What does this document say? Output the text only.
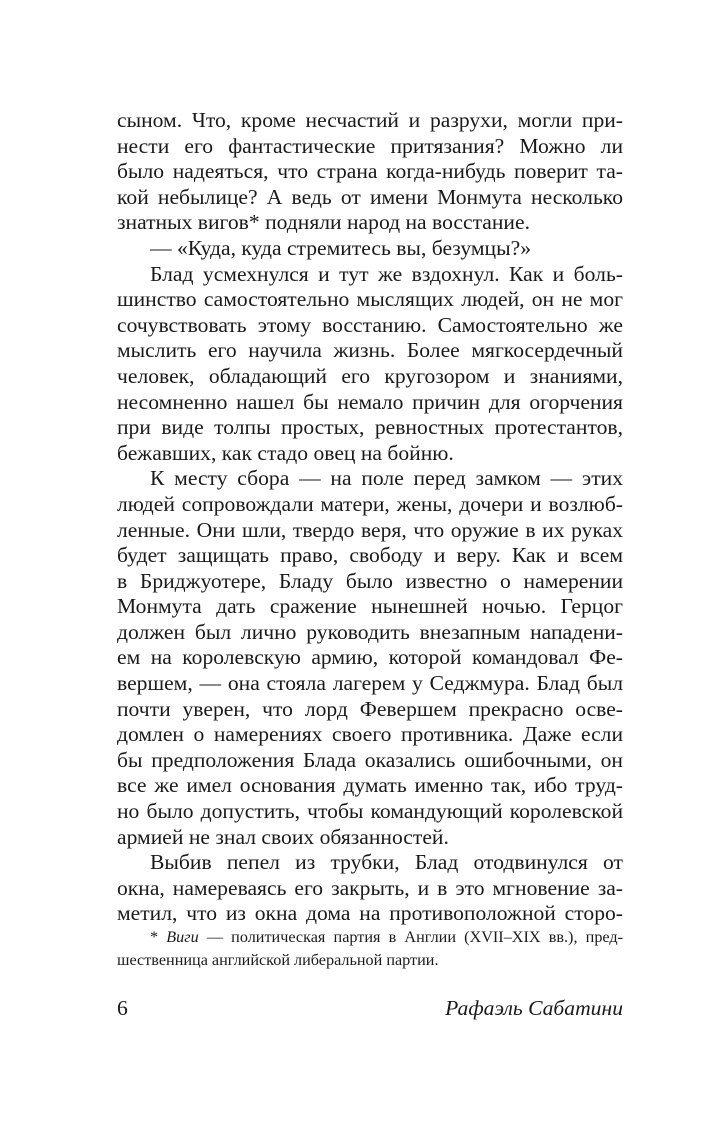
сыном. Что, кроме несчастий и разрухи, могли при-
нести его фантастические притязания? Можно ли
было надеяться, что страна когда-нибудь поверит та-
кой небылице? А ведь от имени Монмута несколько
знатных вигов* подняли народ на восстание.
— «Куда, куда стремитесь вы, безумцы?»
Блад усмехнулся и тут же вздохнул. Как и боль-
шинство самостоятельно мыслящих людей, он не мог
сочувствовать этому восстанию. Самостоятельно же
мыслить его научила жизнь. Более мягкосердечный
человек, обладающий его кругозором и знаниями,
несомненно нашел бы немало причин для огорчения
при виде толпы простых, ревностных протестантов,
бежавших, как стадо овец на бойню.
К месту сбора — на поле перед замком — этих
людей сопровождали матери, жены, дочери и возлюб-
ленные. Они шли, твердо веря, что оружие в их руках
будет защищать право, свободу и веру. Как и всем
в Бриджуотере, Бладу было известно о намерении
Монмута дать сражение нынешней ночью. Герцог
должен был лично руководить внезапным нападени-
ем на королевскую армию, которой командовал Фе-
вершем, — она стояла лагерем у Седжмура. Блад был
почти уверен, что лорд Февершем прекрасно осве-
домлен о намерениях своего противника. Даже если
бы предположения Блада оказались ошибочными, он
все же имел основания думать именно так, ибо труд-
но было допустить, чтобы командующий королевской
армией не знал своих обязанностей.
Выбив пепел из трубки, Блад отодвинулся от
окна, намереваясь его закрыть, и в это мгновение за-
метил, что из окна дома на противоположной сторо-
* Виги — политическая партия в Англии (XVII–XIX вв.), пред-
шественница английской либеральной партии.
6	Рафаэль Сабатини
